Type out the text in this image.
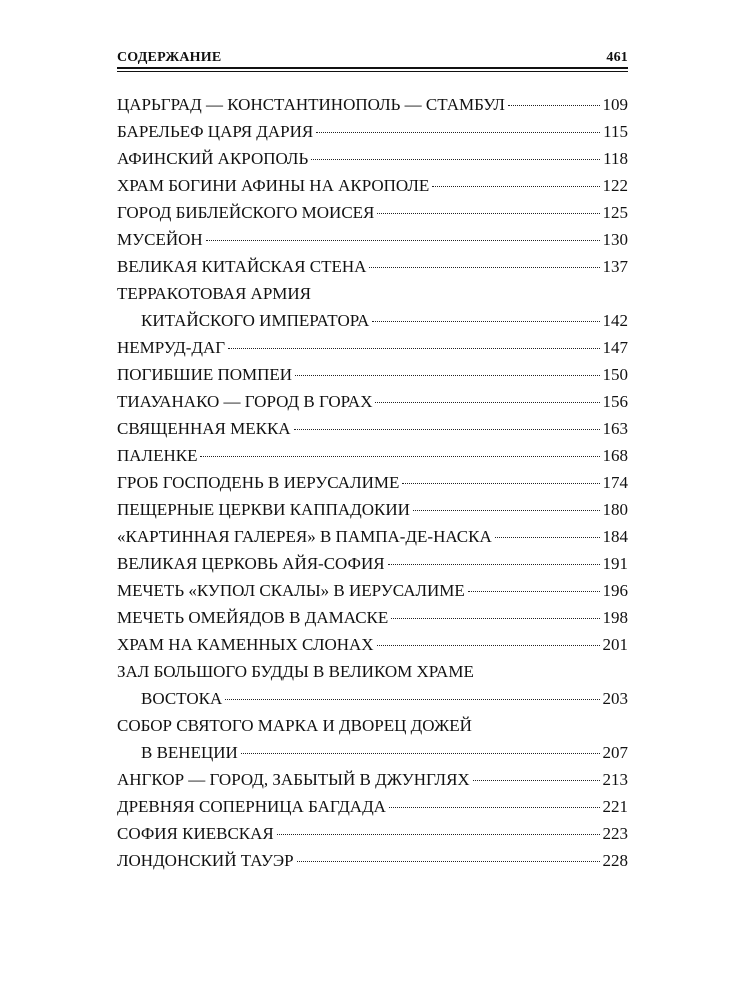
СОДЕРЖАНИЕ	461
ЦАРЬГРАД — КОНСТАНТИНОПОЛЬ — СТАМБУЛ	109
БАРЕЛЬЕФ ЦАРЯ ДАРИЯ	115
АФИНСКИЙ АКРОПОЛЬ	118
ХРАМ БОГИНИ АФИНЫ НА АКРОПОЛЕ	122
ГОРОД БИБЛЕЙСКОГО МОИСЕЯ	125
МУСЕЙОН	130
ВЕЛИКАЯ КИТАЙСКАЯ СТЕНА	137
ТЕРРАКОТОВАЯ АРМИЯ
КИТАЙСКОГО ИМПЕРАТОРА	142
НЕМРУД-ДАГ	147
ПОГИБШИЕ ПОМПЕИ	150
ТИАУАНАКО — ГОРОД В ГОРАХ	156
СВЯЩЕННАЯ МЕККА	163
ПАЛЕНКЕ	168
ГРОБ ГОСПОДЕНЬ В ИЕРУСАЛИМЕ	174
ПЕЩЕРНЫЕ ЦЕРКВИ КАППАДОКИИ	180
«КАРТИННАЯ ГАЛЕРЕЯ» В ПАМПА-ДЕ-НАСКА	184
ВЕЛИКАЯ ЦЕРКОВЬ АЙЯ-СОФИЯ	191
МЕЧЕТЬ «КУПОЛ СКАЛЫ» В ИЕРУСАЛИМЕ	196
МЕЧЕТЬ ОМЕЙЯДОВ В ДАМАСКЕ	198
ХРАМ НА КАМЕННЫХ СЛОНАХ	201
ЗАЛ БОЛЬШОГО БУДДЫ В ВЕЛИКОМ ХРАМЕ
ВОСТОКА	203
СОБОР СВЯТОГО МАРКА И ДВОРЕЦ ДОЖЕЙ
В ВЕНЕЦИИ	207
АНГКОР — ГОРОД, ЗАБЫТЫЙ В ДЖУНГЛЯХ	213
ДРЕВНЯЯ СОПЕРНИЦА БАГДАДА	221
СОФИЯ КИЕВСКАЯ	223
ЛОНДОНСКИЙ ТАУЭР	228
